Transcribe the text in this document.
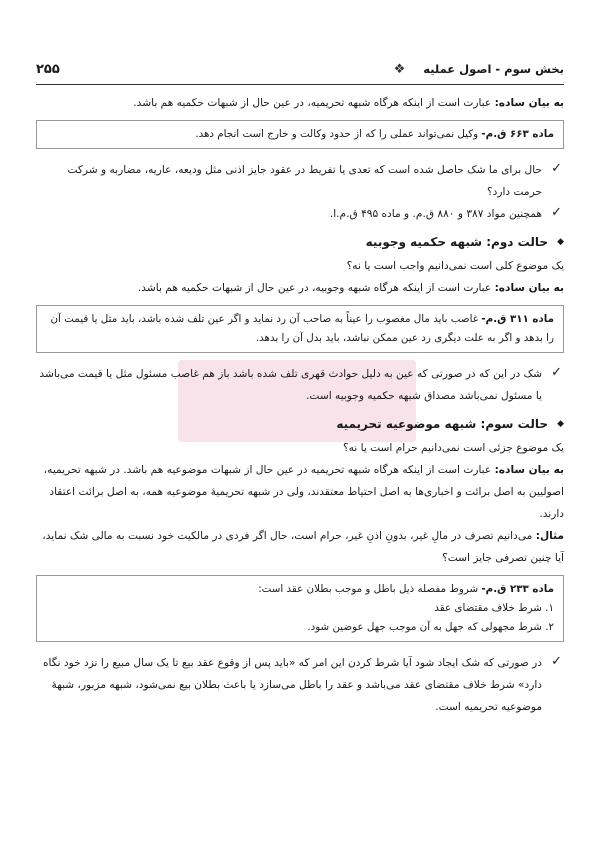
بخش سوم - اصول عملیه
❖
۲۵۵

به بیان ساده: عبارت است از اینکه هرگاه شبهه تحریمیه، در عین حال از شبهات حکمیه هم باشد.

ماده ۶۶۳ ق.م- وکیل نمی‌تواند عملی را که از حدود وکالت و خارج است انجام دهد.

✓
حال برای ما شک حاصل شده است که تعدی یا تفریط در عقود جایز اذنی مثل ودیعه، عاریه، مضاربه و شرکت حرمت دارد؟

✓
همچنین مواد ۳۸۷ و ۸۸۰ ق.م. و ماده ۴۹۵ ق.م.ا.

◆
حالت دوم: شبهه حکمیه وجوبیه

یک موضوع کلی است نمی‌دانیم واجب است یا نه؟

به بیان ساده: عبارت است از اینکه هرگاه شبهه وجوبیه، در عین حال از شبهات حکمیه هم باشد.

ماده ۳۱۱ ق.م- غاصب باید مال مغصوب را عیناً به صاحب آن رد نماید و اگر عین تلف شده باشد، باید مثل یا قیمت آن را بدهد و اگر به علت دیگری رد عین ممکن نباشد، باید بدل آن را بدهد.

✓
شک در این که در صورتی که عین به دلیل حوادث قهری تلف شده باشد باز هم غاصب مسئول مثل یا قیمت می‌باشد یا مسئول نمی‌باشد مصداق شبهه حکمیه وجوبیه است.

◆
حالت سوم: شبهه موضوعیه تحریمیه

یک موضوع جزئی است نمی‌دانیم حرام است یا نه؟

به بیان ساده: عبارت است از اینکه هرگاه شبهه تحریمیه در عین حال از شبهات موضوعیه هم باشد. در شبهه تحریمیه، اصولیین به اصل برائت و اخباری‌ها به اصل احتیاط معتقدند، ولی در شبهه تحریمیهٔ موضوعیه همه، به اصل برائت اعتقاد دارند.

مثال: می‌دانیم تصرف در مالِ غیر، بدونِ اذنِ غیر، حرام است، حال اگر فردی در مالکیت خود نسبت به مالی شک نماید، آیا چنین تصرفی جایز است؟

ماده ۲۳۳ ق.م- شروط مفصله ذیل باطل و موجب بطلان عقد است:
۱. شرط خلاف مقتضای عقد
۲. شرط مجهولی که جهل به آن موجب جهل عوضین شود.

✓
در صورتی که شک ایجاد شود آیا شرط کردن این امر که «باید پس از وقوع عقد بیع تا یک سال مبیع را نزد خود نگاه دارد» شرط خلاف مقتضای عقد می‌باشد و عقد را باطل می‌سازد یا باعث بطلان بیع نمی‌شود، شبهه مزبور، شبههٔ موضوعیه تحریمیه است.
